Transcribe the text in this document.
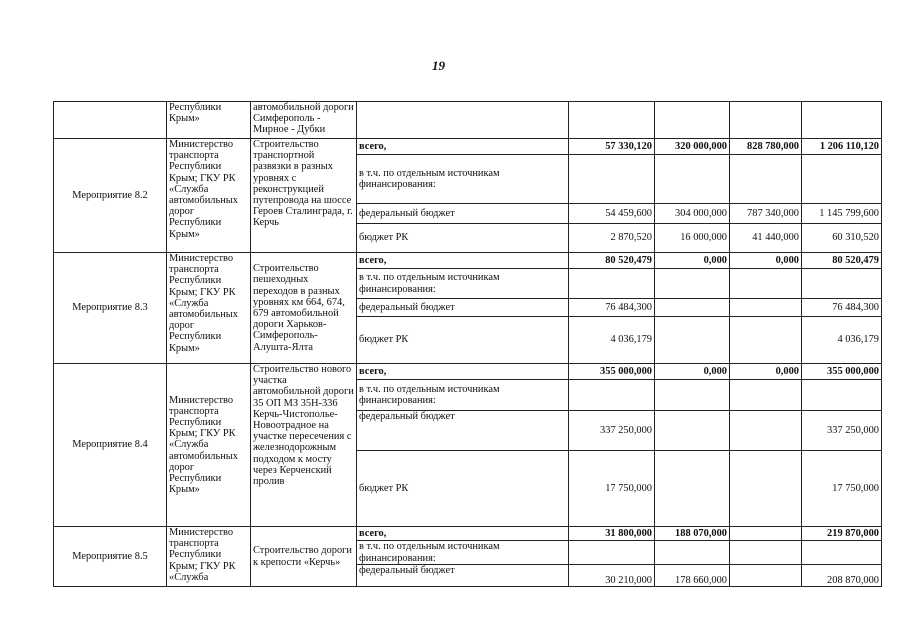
19
	Республики Крым»	автомобильной дороги Симферополь - Мирное - Дубки					
Мероприятие 8.2	Министерство транспорта Республики Крым; ГКУ РК «Служба автомобильных дорог Республики Крым»	Строительство транспортной развязки в разных уровнях с реконструкцией путепровода на шоссе Героев Сталинграда, г. Керчь	всего,	57 330,120	320 000,000	828 780,000	1 206 110,120
			в т.ч. по отдельным источникам финансирования:				
			федеральный бюджет	54 459,600	304 000,000	787 340,000	1 145 799,600
			бюджет РК	2 870,520	16 000,000	41 440,000	60 310,520
Мероприятие 8.3	Министерство транспорта Республики Крым; ГКУ РК «Служба автомобильных дорог Республики Крым»	Строительство пешеходных переходов в разных уровнях км 664, 674, 679 автомобильной дороги Харьков-Симферополь-Алушта-Ялта	всего,	80 520,479	0,000	0,000	80 520,479
			в т.ч. по отдельным источникам финансирования:				
			федеральный бюджет	76 484,300			76 484,300
			бюджет РК	4 036,179			4 036,179
Мероприятие 8.4	Министерство транспорта Республики Крым; ГКУ РК «Служба автомобильных дорог Республики Крым»	Строительство нового участка автомобильной дороги 35 ОП МЗ 35Н-336 Керчь-Чистополье-Новоотрадное на участке пересечения с железнодорожным подходом к мосту через Керченский пролив	всего,	355 000,000	0,000	0,000	355 000,000
			в т.ч. по отдельным источникам финансирования:				
			федеральный бюджет	337 250,000			337 250,000
			бюджет РК	17 750,000			17 750,000
Мероприятие 8.5	Министерство транспорта Республики Крым; ГКУ РК «Служба	Строительство дороги к крепости «Керчь»	всего,	31 800,000	188 070,000		219 870,000
			в т.ч. по отдельным источникам финансирования:				
			федеральный бюджет	30 210,000	178 660,000		208 870,000
